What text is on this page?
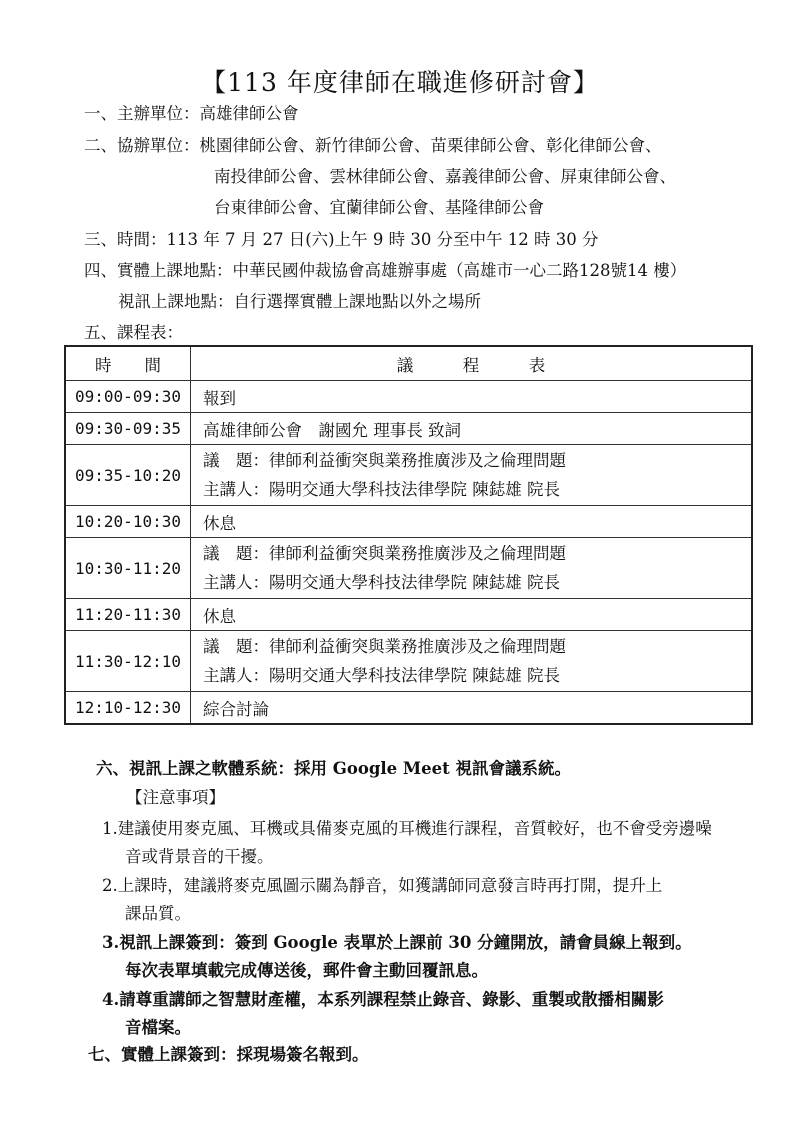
【113 年度律師在職進修研討會】
一、主辦單位：高雄律師公會
二、協辦單位：桃園律師公會、新竹律師公會、苗栗律師公會、彰化律師公會、
南投律師公會、雲林律師公會、嘉義律師公會、屏東律師公會、
台東律師公會、宜蘭律師公會、基隆律師公會
三、時間：113 年 7 月 27 日(六)上午 9 時 30 分至中午 12 時 30 分
四、實體上課地點：中華民國仲裁協會高雄辦事處（高雄市一心二路128號14 樓）
視訊上課地點：自行選擇實體上課地點以外之場所
五、課程表：
時　　間	議　　　程　　　表
09:00-09:30	報到
09:30-09:35	高雄律師公會　謝國允 理事長 致詞
09:35-10:20	議　題：律師利益衝突與業務推廣涉及之倫理問題
主講人：陽明交通大學科技法律學院 陳鋕雄 院長

10:20-10:30	休息
10:30-11:20	議　題：律師利益衝突與業務推廣涉及之倫理問題
主講人：陽明交通大學科技法律學院 陳鋕雄 院長

11:20-11:30	休息
11:30-12:10	議　題：律師利益衝突與業務推廣涉及之倫理問題
主講人：陽明交通大學科技法律學院 陳鋕雄 院長

12:10-12:30	綜合討論
六、視訊上課之軟體系統：採用 Google Meet 視訊會議系統。
【注意事項】
1.建議使用麥克風、耳機或具備麥克風的耳機進行課程，音質較好，也不會受旁邊噪
音或背景音的干擾。
2.上課時，建議將麥克風圖示關為靜音，如獲講師同意發言時再打開，提升上
課品質。
3.視訊上課簽到：簽到 Google 表單於上課前 30 分鐘開放，請會員線上報到。
每次表單填載完成傳送後，郵件會主動回覆訊息。
4.請尊重講師之智慧財產權，本系列課程禁止錄音、錄影、重製或散播相關影
音檔案。
七、實體上課簽到：採現場簽名報到。
